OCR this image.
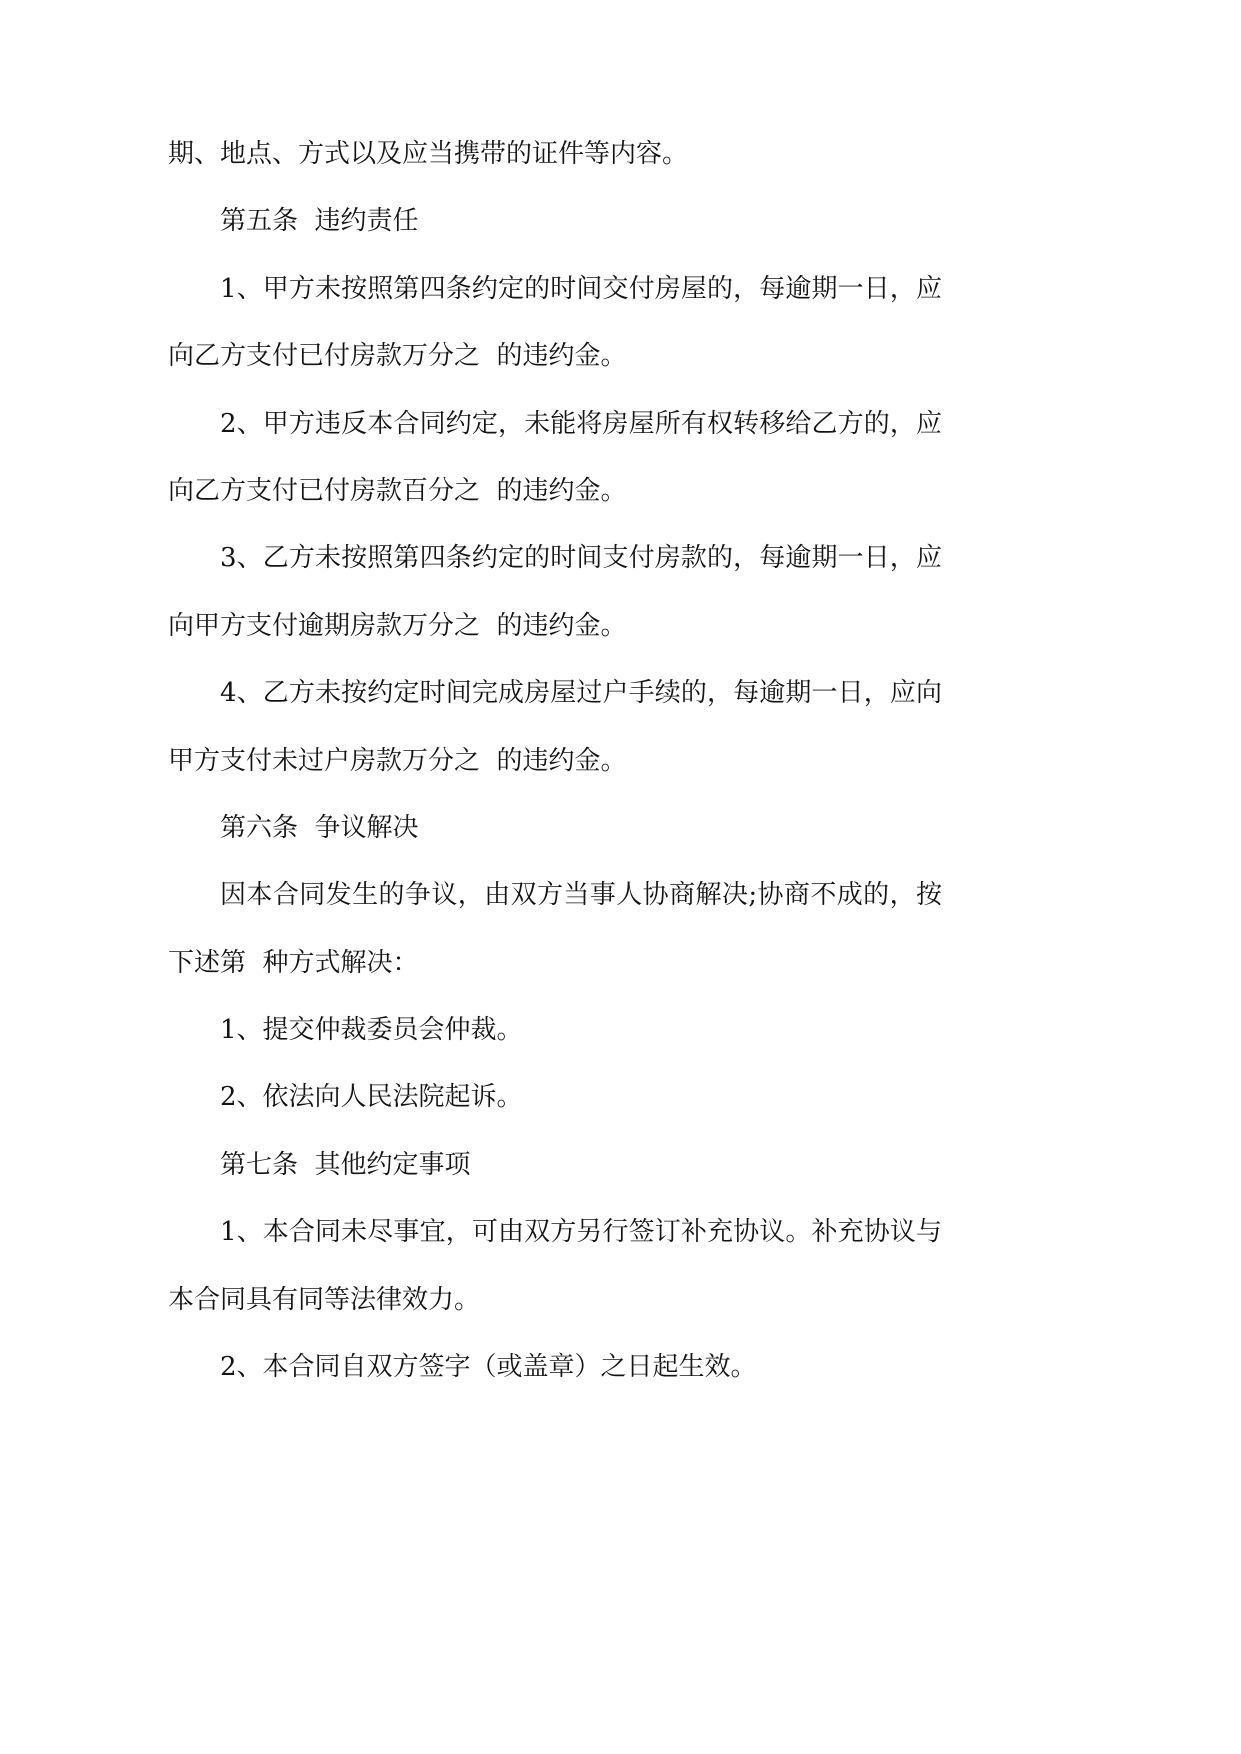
期、地点、方式以及应当携带的证件等内容。
第五条  违约责任
1、甲方未按照第四条约定的时间交付房屋的，每逾期一日，应
向乙方支付已付房款万分之  的违约金。
2、甲方违反本合同约定，未能将房屋所有权转移给乙方的，应
向乙方支付已付房款百分之  的违约金。
3、乙方未按照第四条约定的时间支付房款的，每逾期一日，应
向甲方支付逾期房款万分之  的违约金。
4、乙方未按约定时间完成房屋过户手续的，每逾期一日，应向
甲方支付未过户房款万分之  的违约金。
第六条  争议解决
因本合同发生的争议，由双方当事人协商解决;协商不成的，按
下述第  种方式解决：
1、提交仲裁委员会仲裁。
2、依法向人民法院起诉。
第七条  其他约定事项
1、本合同未尽事宜，可由双方另行签订补充协议。补充协议与
本合同具有同等法律效力。
2、本合同自双方签字（或盖章）之日起生效。
